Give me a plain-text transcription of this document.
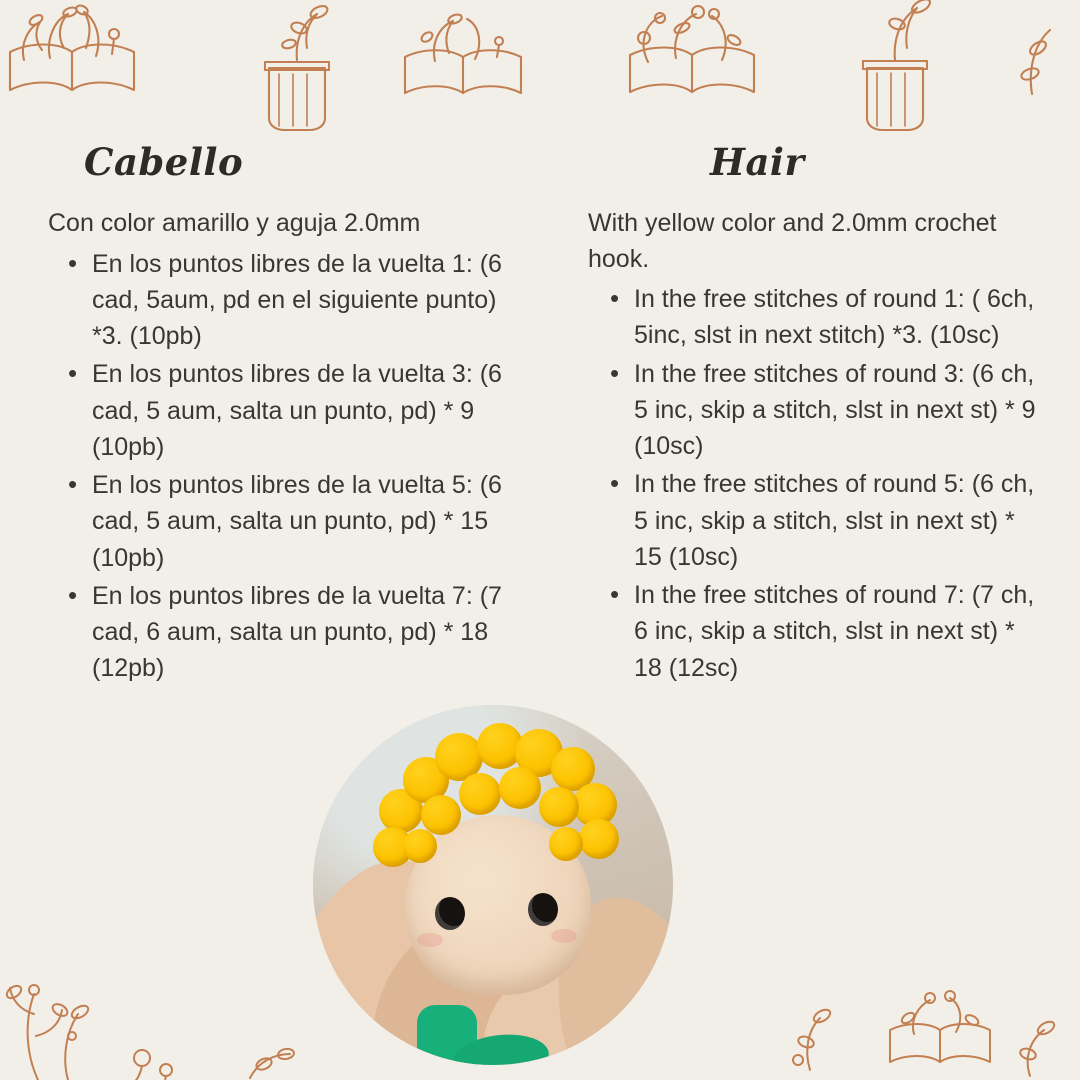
Cabello

Con color amarillo y aguja 2.0mm

• En los puntos libres de la vuelta 1: (6 cad, 5aum, pd en el siguiente punto) *3. (10pb)
• En los puntos libres de la vuelta 3: (6 cad, 5 aum, salta un punto, pd) * 9 (10pb)
• En los puntos libres de la vuelta 5: (6 cad, 5 aum, salta un punto, pd) * 15 (10pb)
• En los puntos libres de la vuelta 7: (7 cad, 6 aum, salta un punto, pd) * 18 (12pb)
Hair

With yellow color and 2.0mm crochet hook.

• In the free stitches of round 1: ( 6ch, 5inc, slst in next stitch) *3. (10sc)
• In the free stitches of round 3: (6 ch, 5 inc, skip a stitch, slst in next st) * 9 (10sc)
• In the free stitches of round 5: (6 ch, 5 inc, skip a stitch, slst in next st) * 15 (10sc)
• In the free stitches of round 7: (7 ch, 6 inc, skip a stitch, slst in next st) * 18 (12sc)
